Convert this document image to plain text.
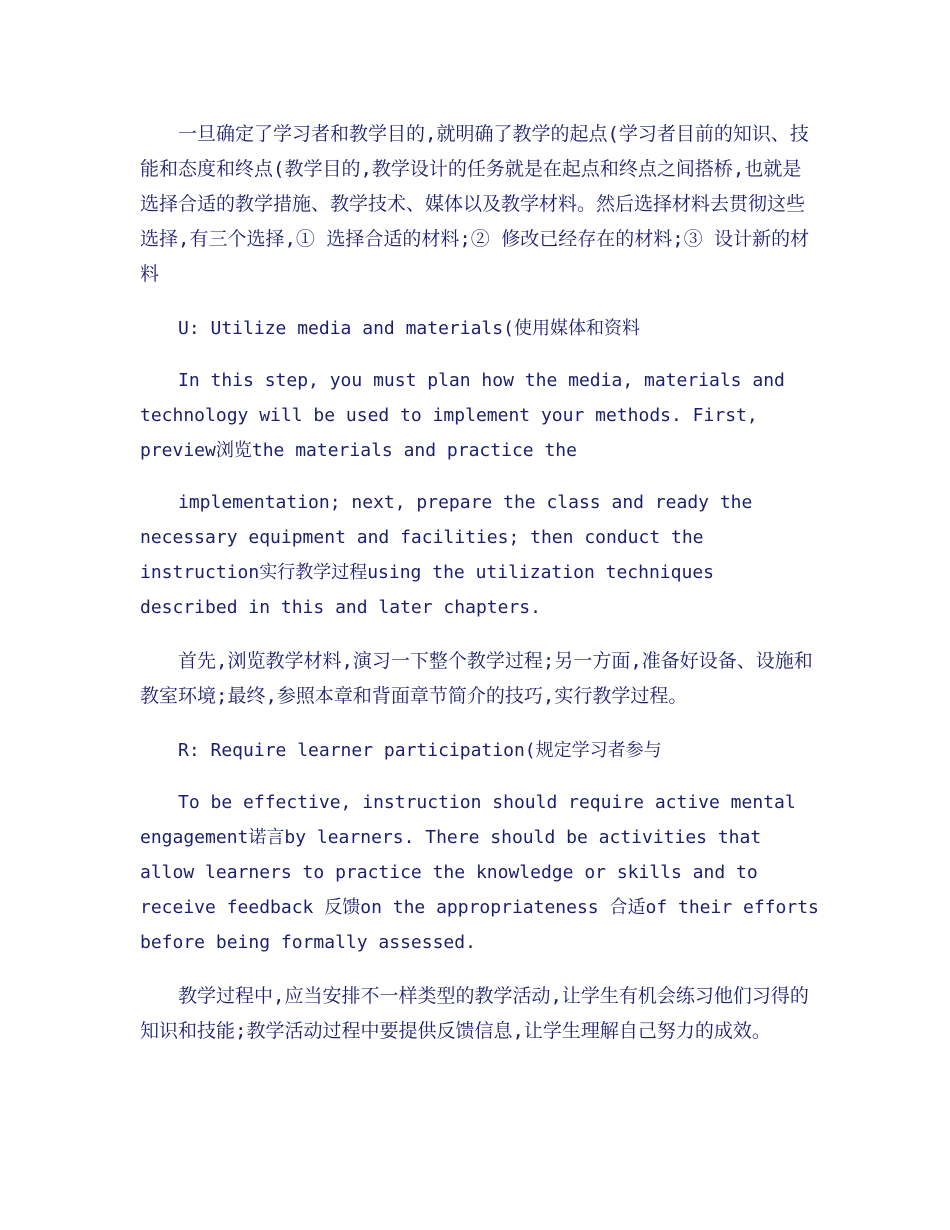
一旦确定了学习者和教学目的,就明确了教学的起点(学习者目前的知识、技能和态度和终点(教学目的,教学设计的任务就是在起点和终点之间搭桥,也就是选择合适的教学措施、教学技术、媒体以及教学材料。然后选择材料去贯彻这些选择,有三个选择,① 选择合适的材料;② 修改已经存在的材料;③ 设计新的材料

U: Utilize media and materials(使用媒体和资料

In this step, you must plan how the media, materials and technology will be used to implement your methods. First, preview浏览the materials and practice the

implementation; next, prepare the class and ready the necessary equipment and facilities; then conduct the instruction实行教学过程using the utilization techniques described in this and later chapters.

首先,浏览教学材料,演习一下整个教学过程;另一方面,准备好设备、设施和教室环境;最终,参照本章和背面章节简介的技巧,实行教学过程。

R: Require learner participation(规定学习者参与

To be effective, instruction should require active mental engagement诺言by learners. There should be activities that allow learners to practice the knowledge or skills and to receive feedback 反馈on the appropriateness 合适of their efforts before being formally assessed.

教学过程中,应当安排不一样类型的教学活动,让学生有机会练习他们习得的知识和技能;教学活动过程中要提供反馈信息,让学生理解自己努力的成效。
